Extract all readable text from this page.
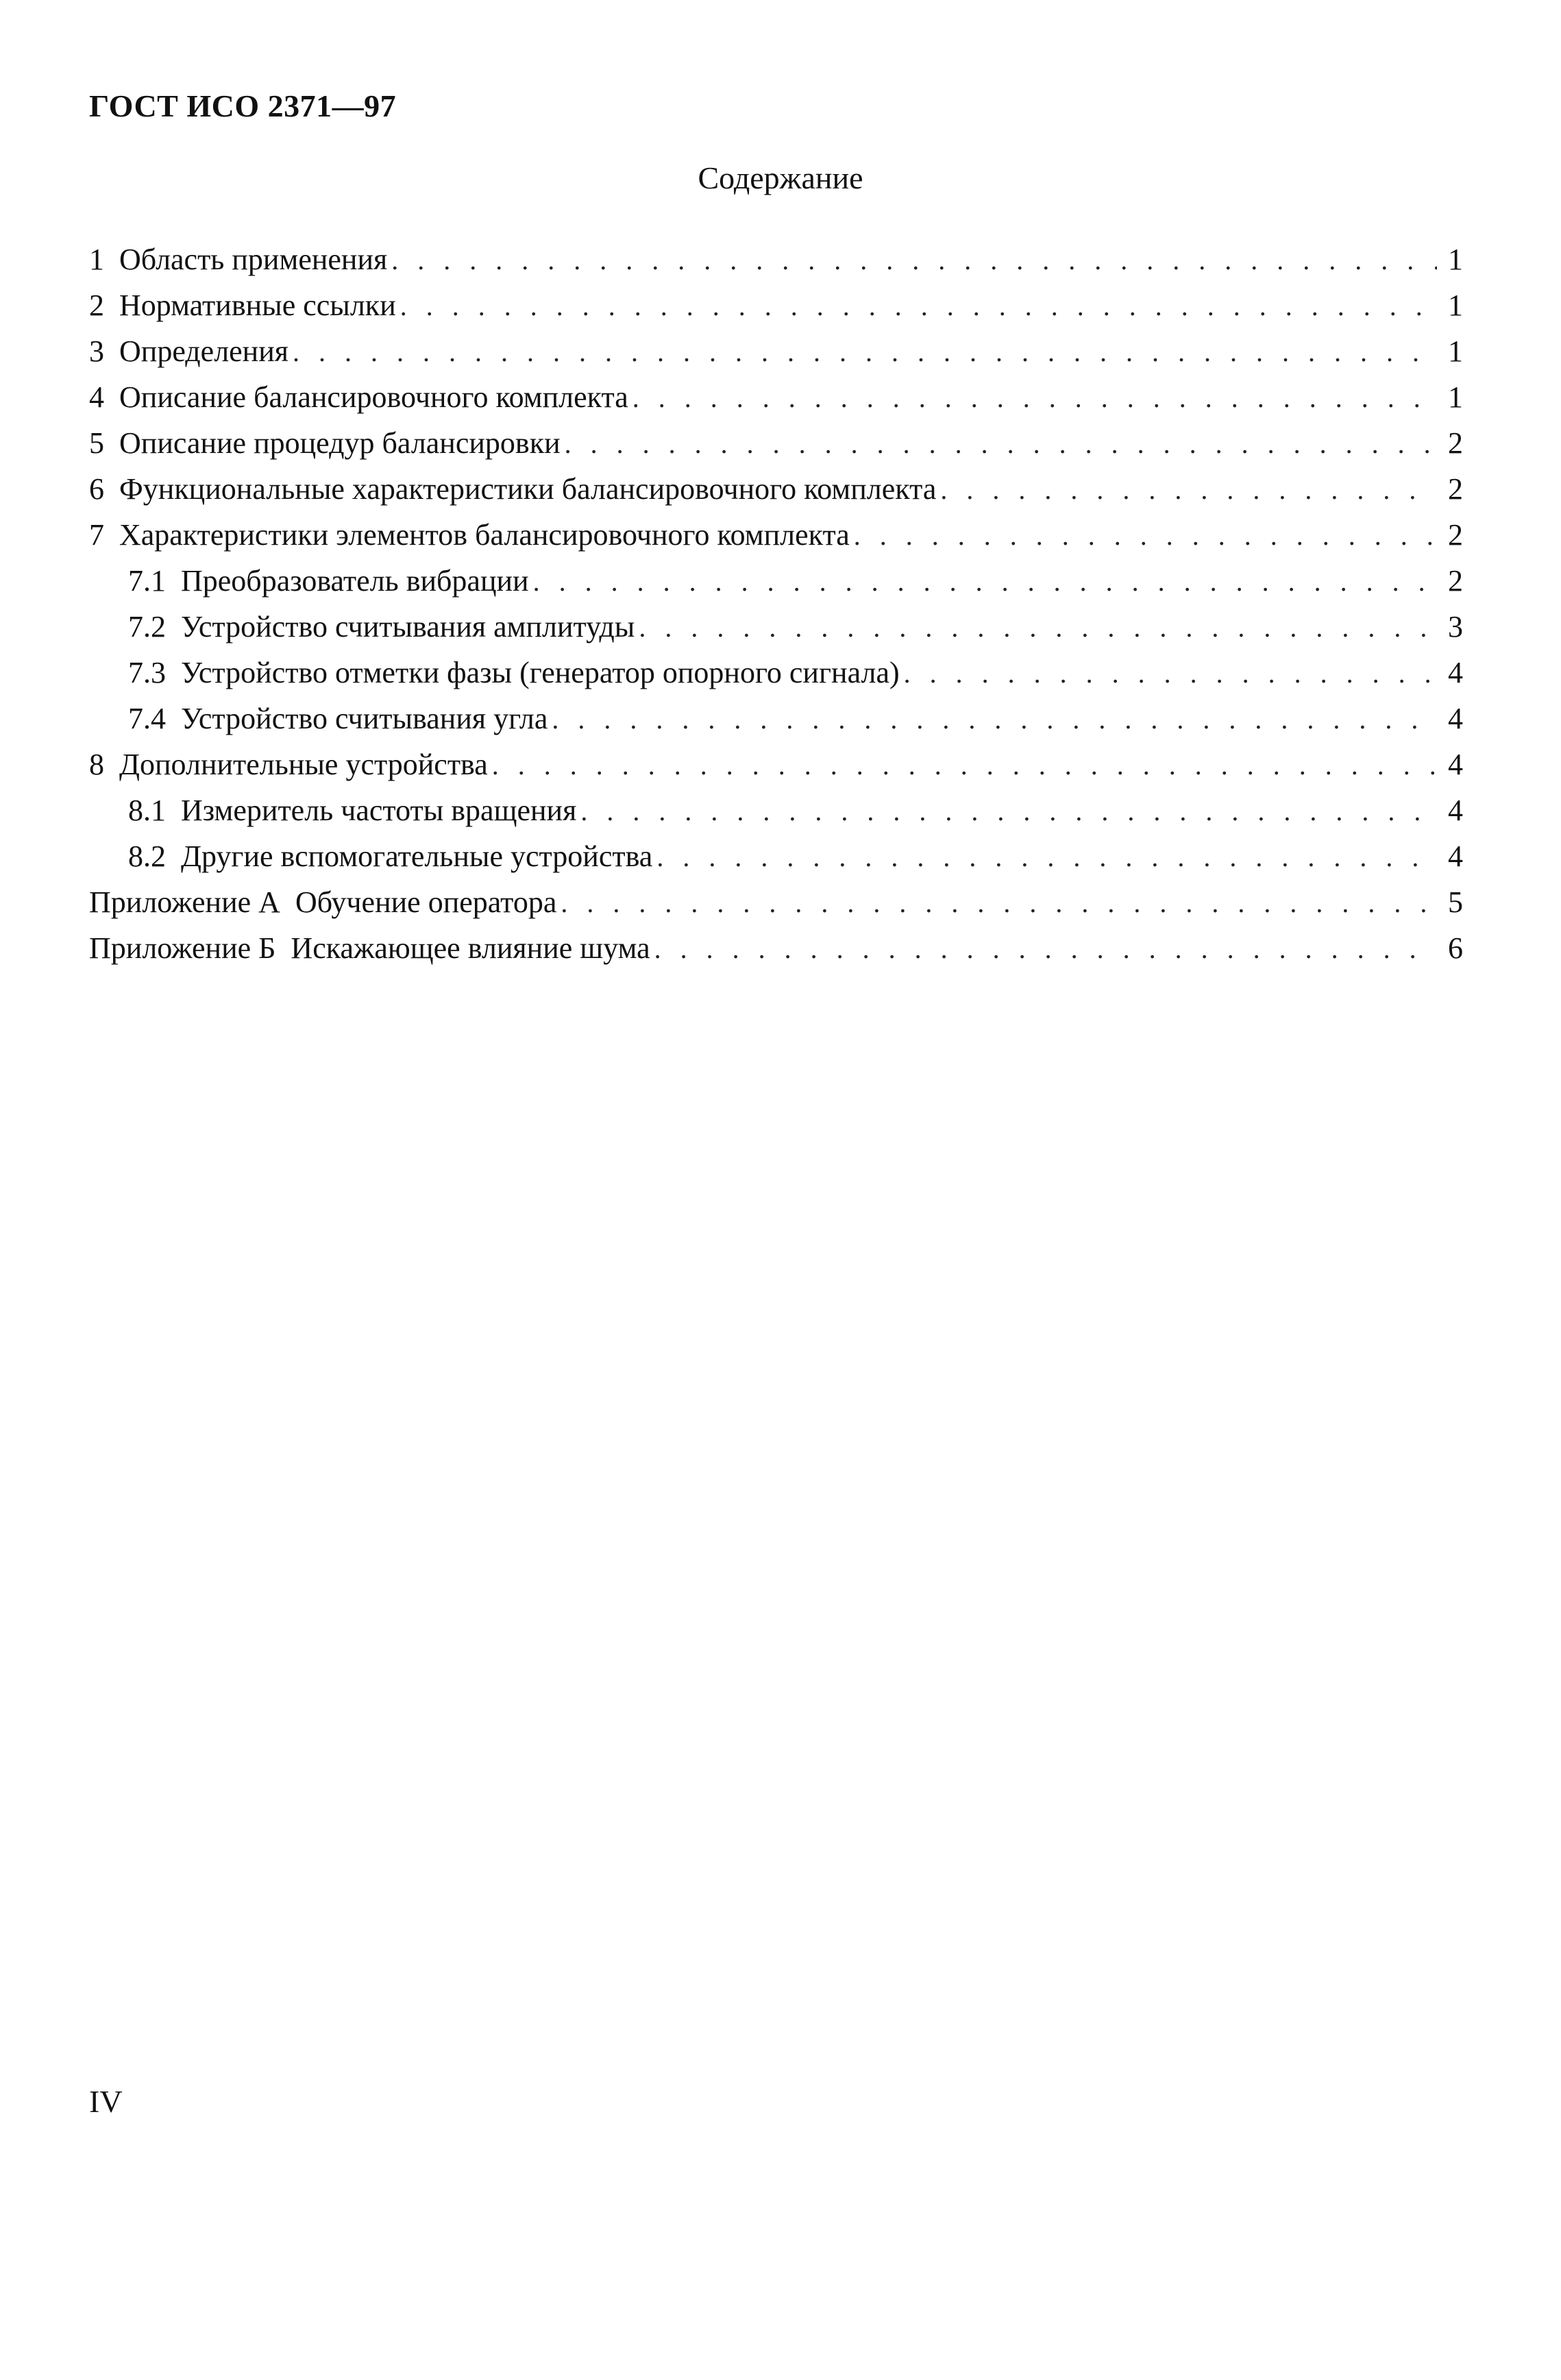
ГОСТ ИСО 2371—97
Содержание
1 Область применения . . .	1
2 Нормативные ссылки . . .	1
3 Определения . . .	1
4 Описание балансировочного комплекта . . .	1
5 Описание процедур балансировки . . .	2
6 Функциональные характеристики балансировочного комплекта . . .	2
7 Характеристики элементов балансировочного комплекта . . .	2
7.1 Преобразователь вибрации . . .	2
7.2 Устройство считывания амплитуды . . .	3
7.3 Устройство отметки фазы (генератор опорного сигнала) . . .	4
7.4 Устройство считывания угла . . .	4
8 Дополнительные устройства . . .	4
8.1 Измеритель частоты вращения . . .	4
8.2 Другие вспомогательные устройства . . .	4
Приложение А Обучение оператора . . .	5
Приложение Б Искажающее влияние шума . . .	6
IV
